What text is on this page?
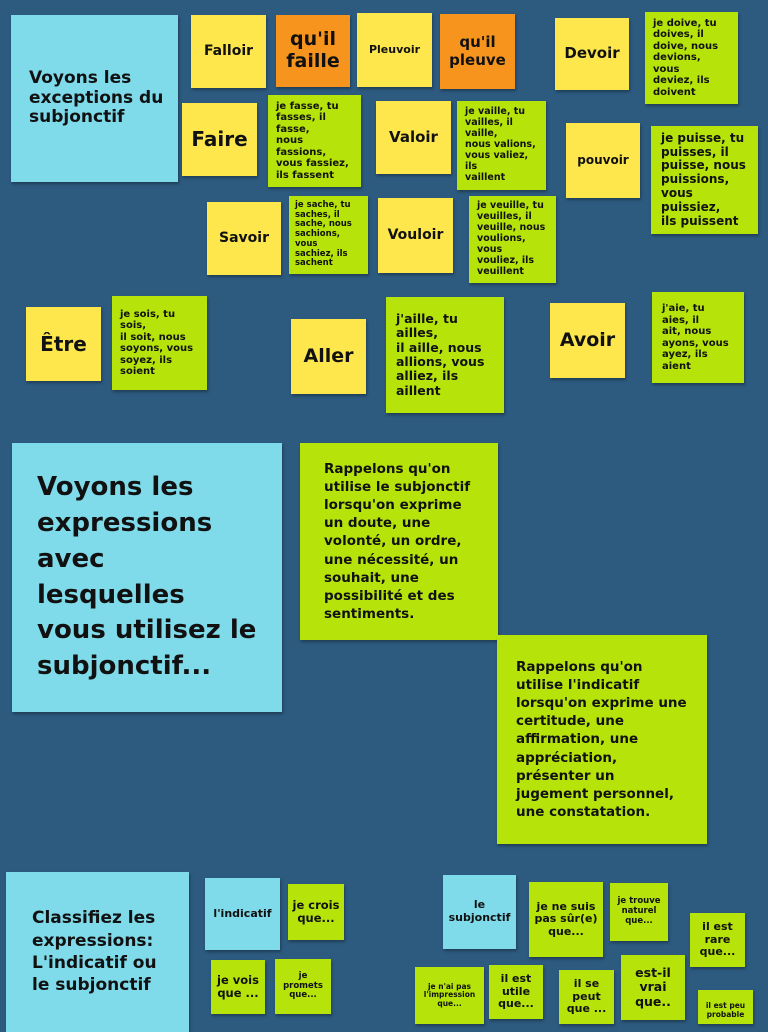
Voyons les
exceptions du
subjonctif
Falloir
qu'il
faille
Pleuvoir	qu'il
pleuve	Devoir
je doive, tu
doives, il
doive, nous
devions, vous
deviez, ils
doivent
Faire
je fasse, tu
fasses, il fasse,
nous fassions,
vous fassiez,
ils fassent
Valoir
je vaille, tu
vailles, il vaille,
nous valions,
vous valiez, ils
vaillent
pouvoir
je puisse, tu
puisses, il
puisse, nous
puissions,
vous puissiez,
ils puissent
Savoir
je sache, tu
saches, il
sache, nous
sachions, vous
sachiez, ils
sachent
Vouloir
je veuille, tu
veuilles, il
veuille, nous
voulions, vous
vouliez, ils
veuillent
Être
je sois, tu sois,
il soit, nous
soyons, vous
soyez, ils
soient
Aller
j'aille, tu ailles,
il aille, nous
allions, vous
alliez, ils
aillent
Avoir
j'aie, tu aies, il
ait, nous
ayons, vous
ayez, ils aient
Voyons les
expressions
avec
lesquelles
vous utilisez le
subjonctif...
Rappelons qu'on
utilise le subjonctif
lorsqu'on exprime
un doute, une
volonté, un ordre,
une nécessité, un
souhait, une
possibilité et des
sentiments.
Rappelons qu'on
utilise l'indicatif
lorsqu'on exprime une
certitude, une
affirmation, une
appréciation,
présenter un
jugement personnel,
une constatation.
Classifiez les
expressions:
L'indicatif ou
le subjonctif
l'indicatif
je crois
que...
je vois
que ...
je
promets
que...
le
subjonctif
je ne suis
pas sûr(e)
que...
je trouve
naturel
que...	il est
rare
que...
je n'ai pas
l'impression
que...
il est
utile
que...
il se
peut
que ...
est-il
vrai
que..	il est peu
probable
